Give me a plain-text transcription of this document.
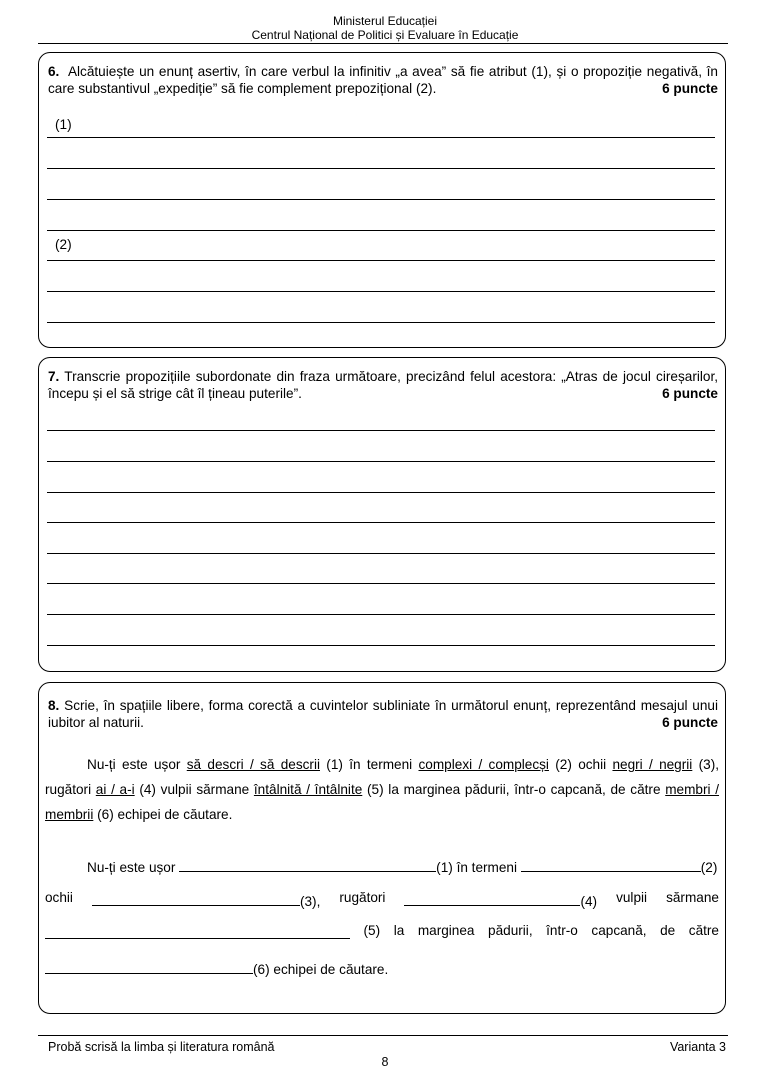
Ministerul Educației
Centrul Național de Politici și Evaluare în Educație
6. Alcătuiește un enunț asertiv, în care verbul la infinitiv „a avea” să fie atribut (1), și o propoziție negativă, în care substantivul „expediție” să fie complement prepozițional (2).	6 puncte
(1)
(2)
7. Transcrie propozițiile subordonate din fraza următoare, precizând felul acestora: „Atras de jocul cireșarilor, începu și el să strige cât îl țineau puterile”.	6 puncte
8. Scrie, în spațiile libere, forma corectă a cuvintelor subliniate în următorul enunț, reprezentând mesajul unui iubitor al naturii.	6 puncte
Nu-ți este ușor să descri / să descrii (1) în termeni complexi / complecși (2) ochii negri / negrii (3), rugători ai / a-i (4) vulpii sărmane întâlnită / întâlnite (5) la marginea pădurii, într-o capcană, de către membri / membrii (6) echipei de căutare.
Nu-ți este ușor	(1) în termeni	(2)
ochii	(3), rugători	(4) vulpii sărmane
(5) la marginea pădurii, într-o capcană, de către
(6) echipei de căutare.
Probă scrisă la limba și literatura română	Varianta 3
8
